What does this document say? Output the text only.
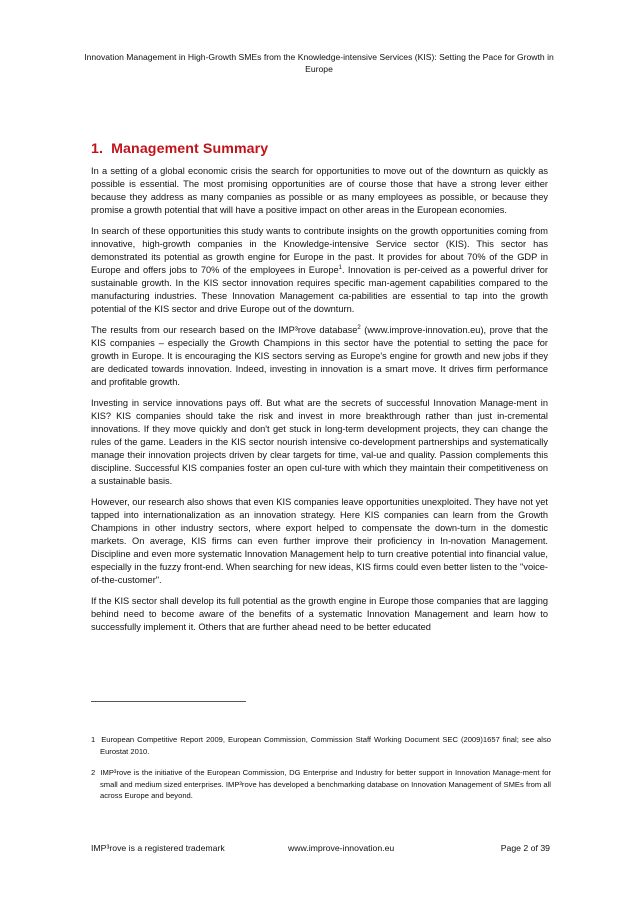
Innovation Management in High-Growth SMEs from the Knowledge-intensive Services (KIS): Setting the Pace for Growth in Europe
1. Management Summary

In a setting of a global economic crisis the search for opportunities to move out of the downturn as quickly as possible is essential. The most promising opportunities are of course those that have a strong lever either because they address as many companies as possible or as many employees as possible, or because they promise a growth potential that will have a positive impact on other areas in the European economies.

In search of these opportunities this study wants to contribute insights on the growth opportunities coming from innovative, high-growth companies in the Knowledge-intensive Service sector (KIS). This sector has demonstrated its potential as growth engine for Europe in the past. It provides for about 70% of the GDP in Europe and offers jobs to 70% of the employees in Europe$^1$. Innovation is per-ceived as a powerful driver for sustainable growth. In the KIS sector innovation requires specific man-agement capabilities compared to the manufacturing industries. These Innovation Management ca-pabilities are essential to tap into the growth potential of the KIS sector and drive Europe out of the downturn.

The results from our research based on the IMP³rove database$^2$ (www.improve-innovation.eu), prove that the KIS companies – especially the Growth Champions in this sector have the potential to setting the pace for growth in Europe. It is encouraging the KIS sectors serving as Europe's engine for growth and new jobs if they are dedicated towards innovation. Indeed, investing in innovation is a smart move. It drives firm performance and profitable growth.

Investing in service innovations pays off. But what are the secrets of successful Innovation Manage-ment in KIS? KIS companies should take the risk and invest in more breakthrough rather than just in-cremental innovations. If they move quickly and don't get stuck in long-term development projects, they can change the rules of the game. Leaders in the KIS sector nourish intensive co-development partnerships and systematically manage their innovation projects driven by clear targets for time, val-ue and quality. Passion complements this discipline. Successful KIS companies foster an open cul-ture with which they maintain their competitiveness on a sustainable basis.

However, our research also shows that even KIS companies leave opportunities unexploited. They have not yet tapped into internationalization as an innovation strategy. Here KIS companies can learn from the Growth Champions in other industry sectors, where export helped to compensate the down-turn in the domestic markets. On average, KIS firms can even further improve their proficiency in In-novation Management. Discipline and even more systematic Innovation Management help to turn creative potential into financial value, especially in the fuzzy front-end. When searching for new ideas, KIS firms could even better listen to the "voice-of-the-customer".

If the KIS sector shall develop its full potential as the growth engine in Europe those companies that are lagging behind need to become aware of the benefits of a systematic Innovation Management and learn how to successfully implement it. Others that are further ahead need to be better educated

1 European Competitive Report 2009, European Commission, Commission Staff Working Document SEC (2009)1657 final; see also Eurostat 2010.
2 IMP³rove is the initiative of the European Commission, DG Enterprise and Industry for better support in Innovation Manage-ment for small and medium sized enterprises. IMP³rove has developed a benchmarking database on Innovation Management of SMEs from all across Europe and beyond.
IMP³rove is a registered trademark	www.improve-innovation.eu	Page 2 of 39
